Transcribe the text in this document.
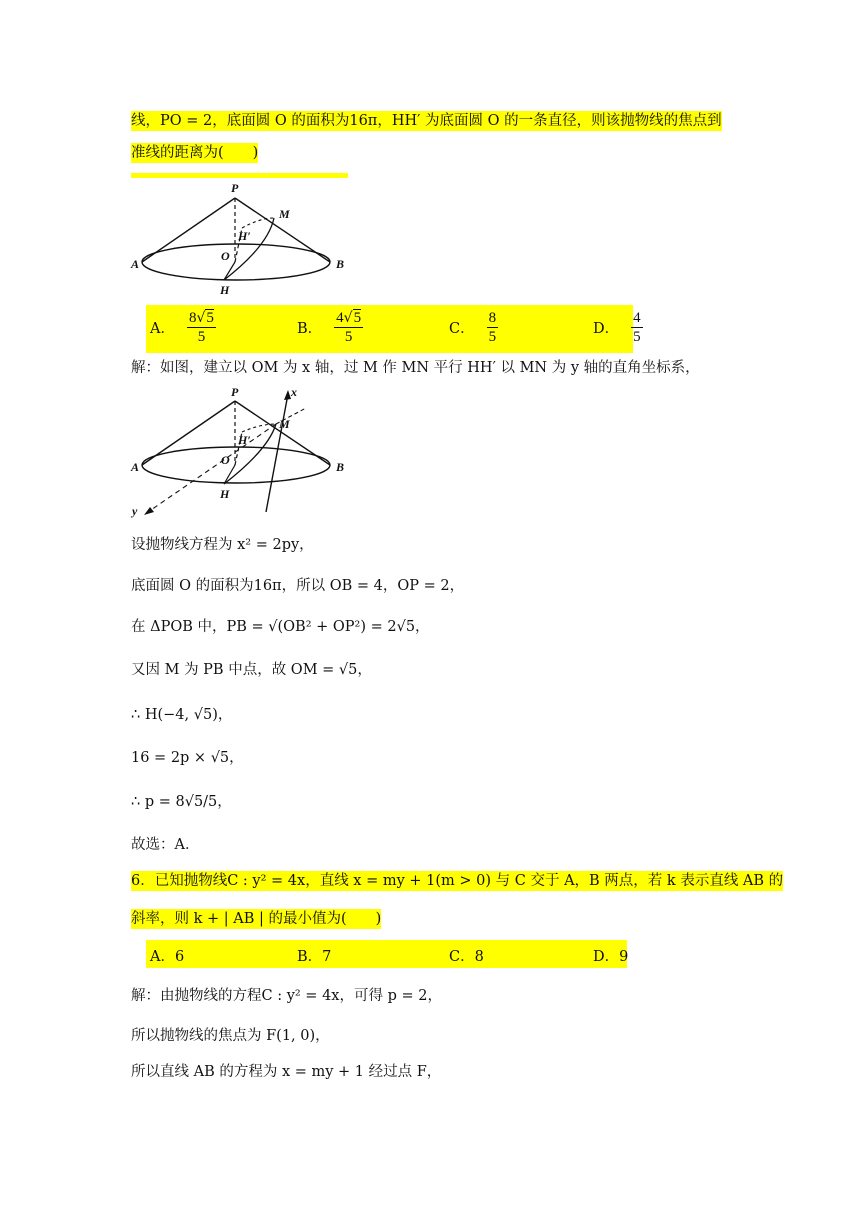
线，PO = 2，底面圆 O 的面积为16π，HH′ 为底面圆 O 的一条直径，则该抛物线的焦点到
准线的距离为(　　)
P
M
H′
O
A	B
H
A． $\frac{8√5}{5}$	B． $\frac{4√5}{5}$	C． $\frac{8}{5}$	D． $\frac{4}{5}$
解：如图，建立以 OM 为 x 轴，过 M 作 MN 平行 HH′ 以 MN 为 y 轴的直角坐标系，
P	x
M
H′
O
A	B
H
y
设抛物线方程为 x² = 2py，
底面圆 O 的面积为16π，所以 OB = 4，OP = 2，
在 ΔPOB 中，PB = √(OB² + OP²) = 2√5，
又因 M 为 PB 中点，故 OM = √5，
∴ H(−4, √5)，
16 = 2p × √5，
∴ p = 8√5/5，
故选：A．
6．已知抛物线C : y² = 4x，直线 x = my + 1(m > 0) 与 C 交于 A，B 两点，若 k 表示直线 AB 的
斜率，则 k + | AB | 的最小值为(　　)
A．6	B．7	C．8	D．9
解：由抛物线的方程C : y² = 4x，可得 p = 2，
所以抛物线的焦点为 F(1, 0)，
所以直线 AB 的方程为 x = my + 1 经过点 F，
